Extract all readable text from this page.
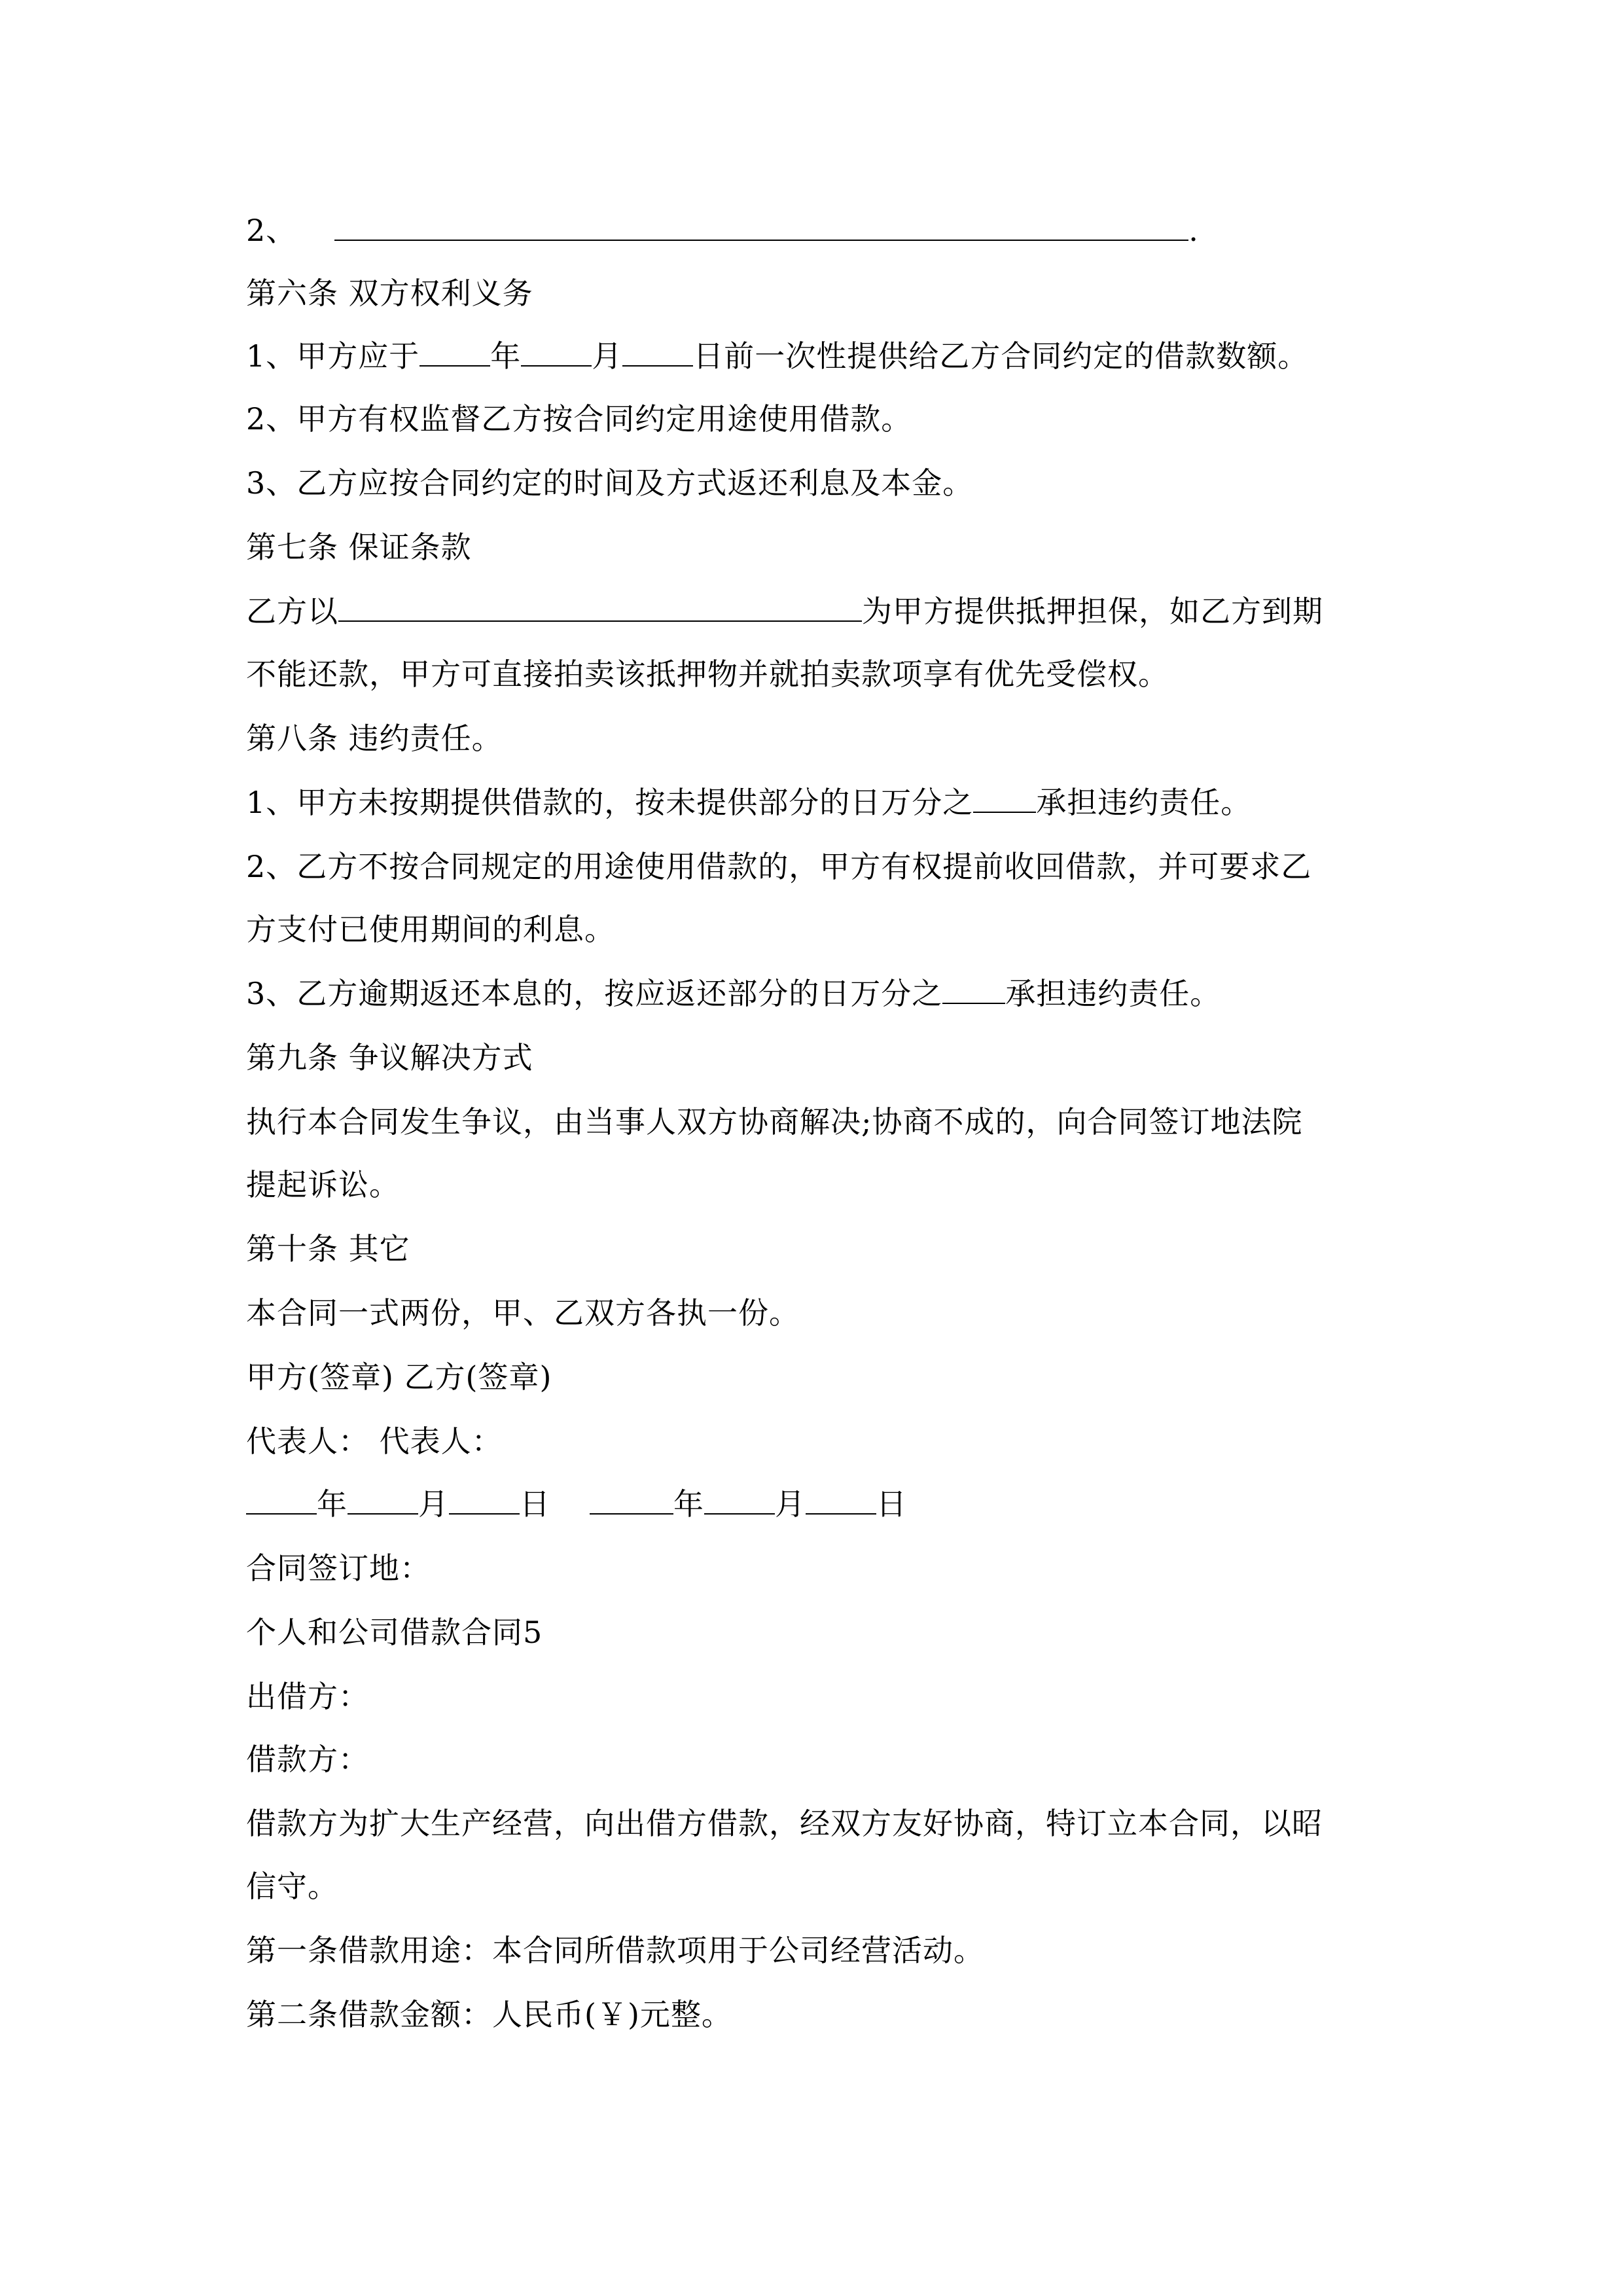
2、	.
第六条 双方权利义务
1、甲方应于 年 月 日前一次性提供给乙方合同约定的借款数额。
2、甲方有权监督乙方按合同约定用途使用借款。
3、乙方应按合同约定的时间及方式返还利息及本金。
第七条 保证条款
乙方以	为甲方提供抵押担保，如乙方到期
不能还款，甲方可直接拍卖该抵押物并就拍卖款项享有优先受偿权。
第八条 违约责任。
1、甲方未按期提供借款的，按未提供部分的日万分之 承担违约责任。
2、乙方不按合同规定的用途使用借款的，甲方有权提前收回借款，并可要求乙
方支付已使用期间的利息。
3、乙方逾期返还本息的，按应返还部分的日万分之 承担违约责任。
第九条 争议解决方式
执行本合同发生争议，由当事人双方协商解决;协商不成的，向合同签订地法院
提起诉讼。
第十条 其它
本合同一式两份，甲、乙双方各执一份。
甲方(签章) 乙方(签章)
代表人： 代表人：
年 月 日	年 月 日
合同签订地：
个人和公司借款合同5
出借方：
借款方：
借款方为扩大生产经营，向出借方借款，经双方友好协商，特订立本合同，以昭
信守。
第一条借款用途：本合同所借款项用于公司经营活动。
第二条借款金额：人民币(￥)元整。
